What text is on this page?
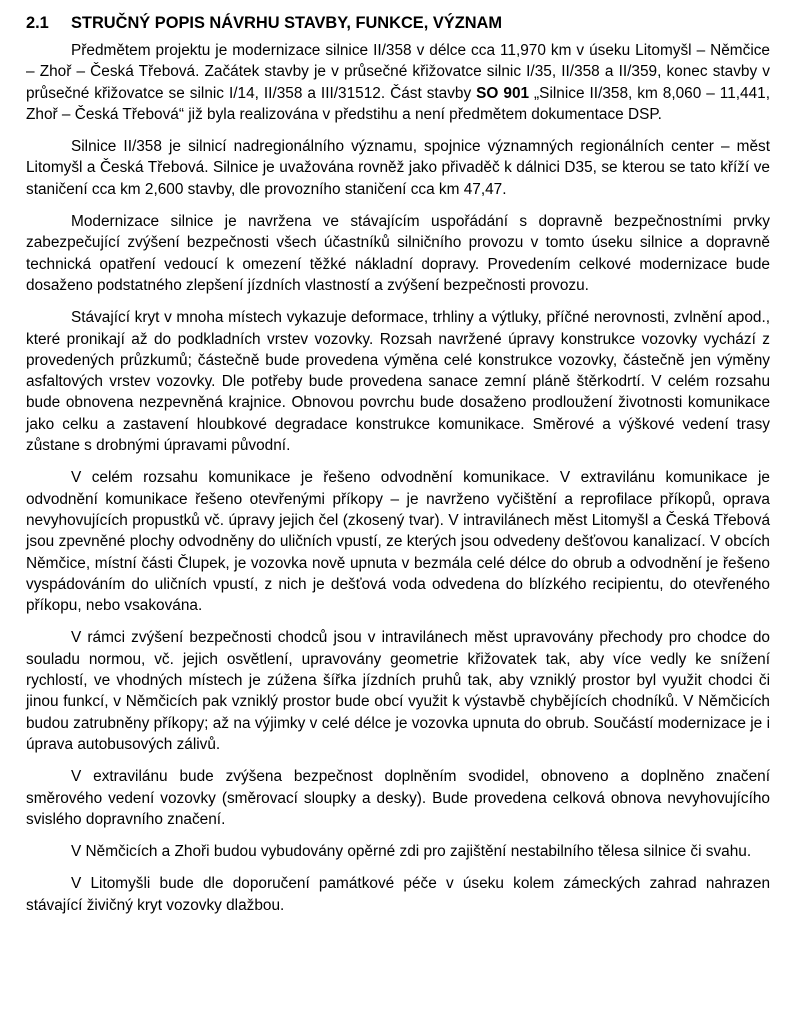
2.1	STRUČNÝ POPIS NÁVRHU STAVBY, FUNKCE, VÝZNAM

Předmětem projektu je modernizace silnice II/358 v délce cca 11,970 km v úseku Litomyšl – Němčice – Zhoř – Česká Třebová. Začátek stavby je v průsečné křižovatce silnic I/35, II/358 a II/359, konec stavby v průsečné křižovatce se silnic I/14, II/358 a III/31512. Část stavby SO 901 „Silnice II/358, km 8,060 – 11,441, Zhoř – Česká Třebová“ již byla realizována v předstihu a není předmětem dokumentace DSP.

Silnice II/358 je silnicí nadregionálního významu, spojnice významných regionálních center – měst Litomyšl a Česká Třebová. Silnice je uvažována rovněž jako přivaděč k dálnici D35, se kterou se tato kříží ve staničení cca km 2,600 stavby, dle provozního staničení cca km 47,47.

Modernizace silnice je navržena ve stávajícím uspořádání s dopravně bezpečnostními prvky zabezpečující zvýšení bezpečnosti všech účastníků silničního provozu v tomto úseku silnice a dopravně technická opatření vedoucí k omezení těžké nákladní dopravy. Provedením celkové modernizace bude dosaženo podstatného zlepšení jízdních vlastností a zvýšení bezpečnosti provozu.

Stávající kryt v mnoha místech vykazuje deformace, trhliny a výtluky, příčné nerovnosti, zvlnění apod., které pronikají až do podkladních vrstev vozovky. Rozsah navržené úpravy konstrukce vozovky vychází z provedených průzkumů; částečně bude provedena výměna celé konstrukce vozovky, částečně jen výměny asfaltových vrstev vozovky. Dle potřeby bude provedena sanace zemní pláně štěrkodrtí. V celém rozsahu bude obnovena nezpevněná krajnice. Obnovou povrchu bude dosaženo prodloužení životnosti komunikace jako celku a zastavení hloubkové degradace konstrukce komunikace. Směrové a výškové vedení trasy zůstane s drobnými úpravami původní.

V celém rozsahu komunikace je řešeno odvodnění komunikace. V extravilánu komunikace je odvodnění komunikace řešeno otevřenými příkopy – je navrženo vyčištění a reprofilace příkopů, oprava nevyhovujících propustků vč. úpravy jejich čel (zkosený tvar). V intravilánech měst Litomyšl a Česká Třebová jsou zpevněné plochy odvodněny do uličních vpustí, ze kterých jsou odvedeny dešťovou kanalizací. V obcích Němčice, místní části Člupek, je vozovka nově upnuta v bezmála celé délce do obrub a odvodnění je řešeno vyspádováním do uličních vpustí, z nich je dešťová voda odvedena do blízkého recipientu, do otevřeného příkopu, nebo vsakována.

V rámci zvýšení bezpečnosti chodců jsou v intravilánech měst upravovány přechody pro chodce do souladu normou, vč. jejich osvětlení, upravovány geometrie křižovatek tak, aby více vedly ke snížení rychlostí, ve vhodných místech je zúžena šířka jízdních pruhů tak, aby vzniklý prostor byl využit chodci či jinou funkcí, v Němčicích pak vzniklý prostor bude obcí využit k výstavbě chybějících chodníků. V Němčicích budou zatrubněny příkopy; až na výjimky v celé délce je vozovka upnuta do obrub. Součástí modernizace je i úprava autobusových zálivů.

V extravilánu bude zvýšena bezpečnost doplněním svodidel, obnoveno a doplněno značení směrového vedení vozovky (směrovací sloupky a desky). Bude provedena celková obnova nevyhovujícího svislého dopravního značení.

V Němčicích a Zhoři budou vybudovány opěrné zdi pro zajištění nestabilního tělesa silnice či svahu.

V Litomyšli bude dle doporučení památkové péče v úseku kolem zámeckých zahrad nahrazen stávající živičný kryt vozovky dlažbou.
